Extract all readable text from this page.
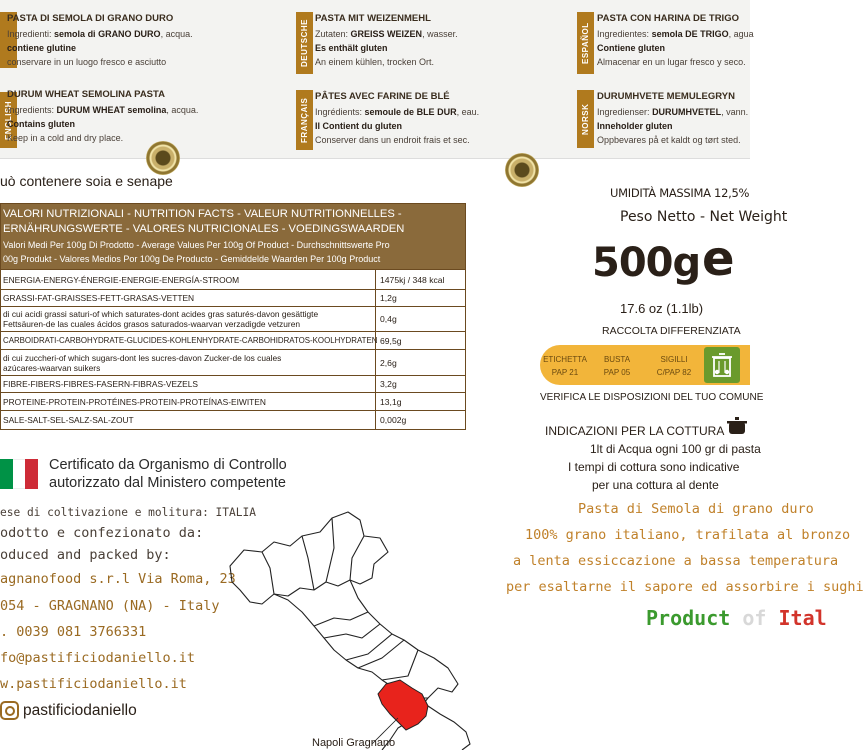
PASTA DI SEMOLA DI GRANO DURO
Ingredienti: semola di GRANO DURO, acqua.
contiene glutine
conservare in un luogo fresco e asciutto
ENGLISH
DURUM WHEAT SEMOLINA PASTA
Ingredients: DURUM WHEAT semolina, acqua.
Contains gluten
Keep in a cold and dry place.
DEUTSCHE
PASTA MIT WEIZENMEHL
Zutaten: GREISS WEIZEN, wasser.
Es enthält gluten
An einem kühlen, trocken Ort.
FRANÇAIS
PÂTES AVEC FARINE DE BLÉ
Ingrédients: semoule de BLE DUR, eau.
Il Contient du gluten
Conserver dans un endroit frais et sec.
ESPAÑOL
PASTA CON HARINA DE TRIGO
Ingredientes: semola DE TRIGO, agua
Contiene gluten
Almacenar en un lugar fresco y seco.
NORSK
DURUMHVETE MEMULEGRYN
Ingredienser: DURUMHVETEL, vann.
Inneholder gluten
Oppbevares på et kaldt og tørt sted.
uò contenere soia e senape
VALORI NUTRIZIONALI - NUTRITION FACTS - VALEUR NUTRITIONNELLES -
ERNÄHRUNGSWERTE - VALORES NUTRICIONALES - VOEDINGSWAARDEN
Valori Medi Per 100g Di Prodotto - Average Values Per 100g Of Product - Durchschnittswerte Pro
00g Produkt - Valores Medios Por 100g De Producto - Gemiddelde Waarden Per 100g Product
ENERGIA-ENERGY-ÉNERGIE-ENERGIE-ENERGÍA-STROOM	1475kj / 348 kcal
GRASSI-FAT-GRAISSES-FETT-GRASAS-VETTEN	1,2g
di cui acidi grassi saturi-of which saturates-dont acides gras saturés-davon gesättigte
Fettsäuren-de las cuales ácidos grasos saturados-waarvan verzadigde vetzuren	0,4g
CARBOIDRATI-CARBOHYDRATE-GLUCIDES-KOHLENHYDRATE-CARBOHIDRATOS-KOOLHYDRATEN 69,5g
di cui zuccheri-of which sugars-dont les sucres-davon Zucker-de los cuales
azúcares-waarvan suikers	2,6g
FIBRE-FIBERS-FIBRES-FASERN-FIBRAS-VEZELS	3,2g
PROTEINE-PROTEIN-PROTÉINES-PROTEIN-PROTEÍNAS-EIWITEN	13,1g
SALE-SALT-SEL-SALZ-SAL-ZOUT	0,002g
Certificato da Organismo di Controllo
autorizzato dal Ministero competente
ese di coltivazione e molitura: ITALIA
odotto e confezionato da:
oduced and packed by:
agnanofood s.r.l Via Roma, 23
054 - GRAGNANO (NA) - Italy
. 0039 081 3766331
fo@pastificiodaniello.it
w.pastificiodaniello.it
pastificiodaniello
Napoli Gragnano
UMIDITÀ MASSIMA 12,5%
Peso Netto - Net Weight
500g e
17.6 oz (1.1lb)
RACCOLTA DIFFERENZIATA
ETICHETTA
PAP 21
BUSTA
PAP 05
SIGILLI
C/PAP 82
VERIFICA LE DISPOSIZIONI DEL TUO COMUNE
INDICAZIONI PER LA COTTURA
1lt di Acqua ogni 100 gr di pasta
I tempi di cottura sono indicative
per una cottura al dente
Pasta di Semola di grano duro
100% grano italiano, trafilata al bronzo
a lenta essiccazione a bassa temperatura
per esaltarne il sapore ed assorbire i sughi
Product of Ital
